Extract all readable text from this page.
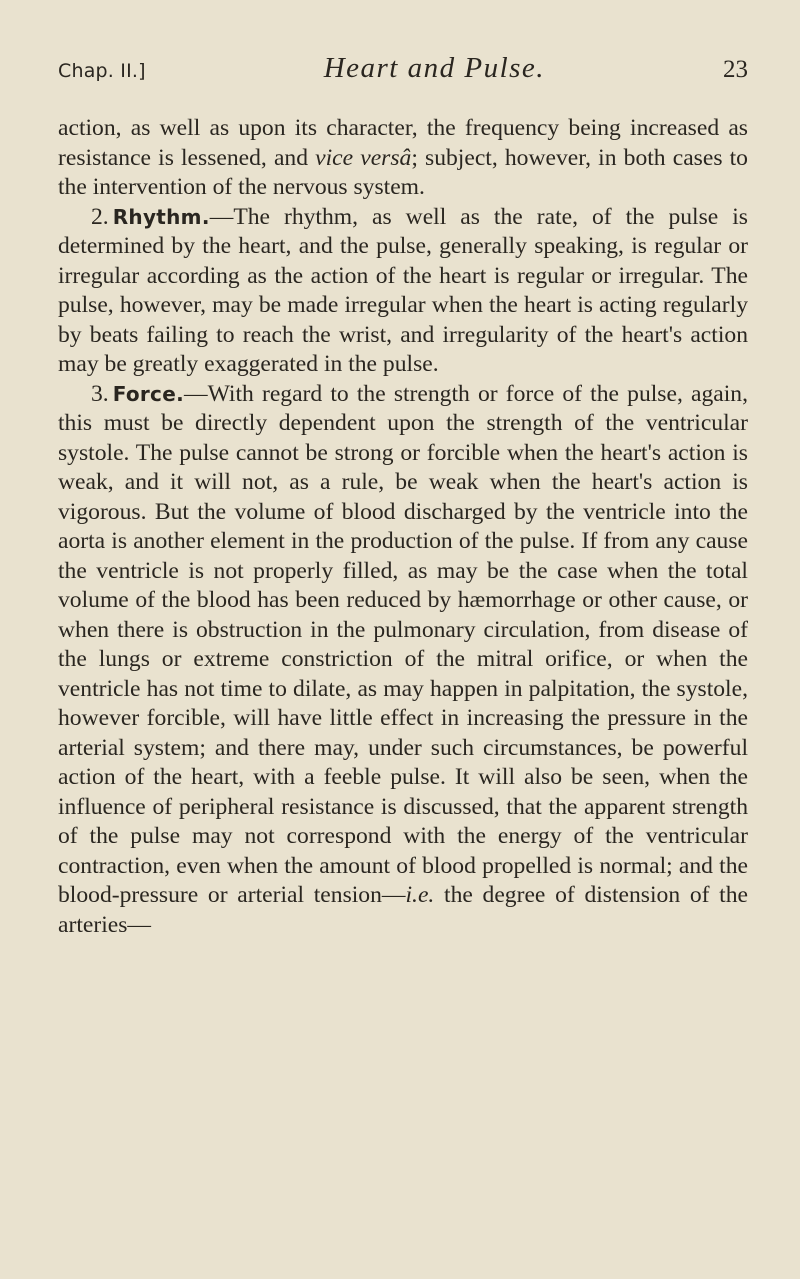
Chap. II.]	Heart and Pulse.	23

action, as well as upon its character, the frequency being increased as resistance is lessened, and vice versâ; subject, however, in both cases to the intervention of the nervous system.

2. Rhythm.—The rhythm, as well as the rate, of the pulse is determined by the heart, and the pulse, generally speaking, is regular or irregular according as the action of the heart is regular or irregular. The pulse, however, may be made irregular when the heart is acting regularly by beats failing to reach the wrist, and irregularity of the heart's action may be greatly exaggerated in the pulse.

3. Force.—With regard to the strength or force of the pulse, again, this must be directly dependent upon the strength of the ventricular systole. The pulse cannot be strong or forcible when the heart's action is weak, and it will not, as a rule, be weak when the heart's action is vigorous. But the volume of blood discharged by the ventricle into the aorta is another element in the production of the pulse. If from any cause the ventricle is not properly filled, as may be the case when the total volume of the blood has been reduced by hæmorrhage or other cause, or when there is obstruction in the pulmonary circulation, from disease of the lungs or extreme constriction of the mitral orifice, or when the ventricle has not time to dilate, as may happen in palpitation, the systole, however forcible, will have little effect in increasing the pressure in the arterial system; and there may, under such circumstances, be powerful action of the heart, with a feeble pulse. It will also be seen, when the influence of peripheral resistance is discussed, that the apparent strength of the pulse may not correspond with the energy of the ventricular contraction, even when the amount of blood propelled is normal; and the blood-pressure or arterial tension—i.e. the degree of distension of the arteries—
